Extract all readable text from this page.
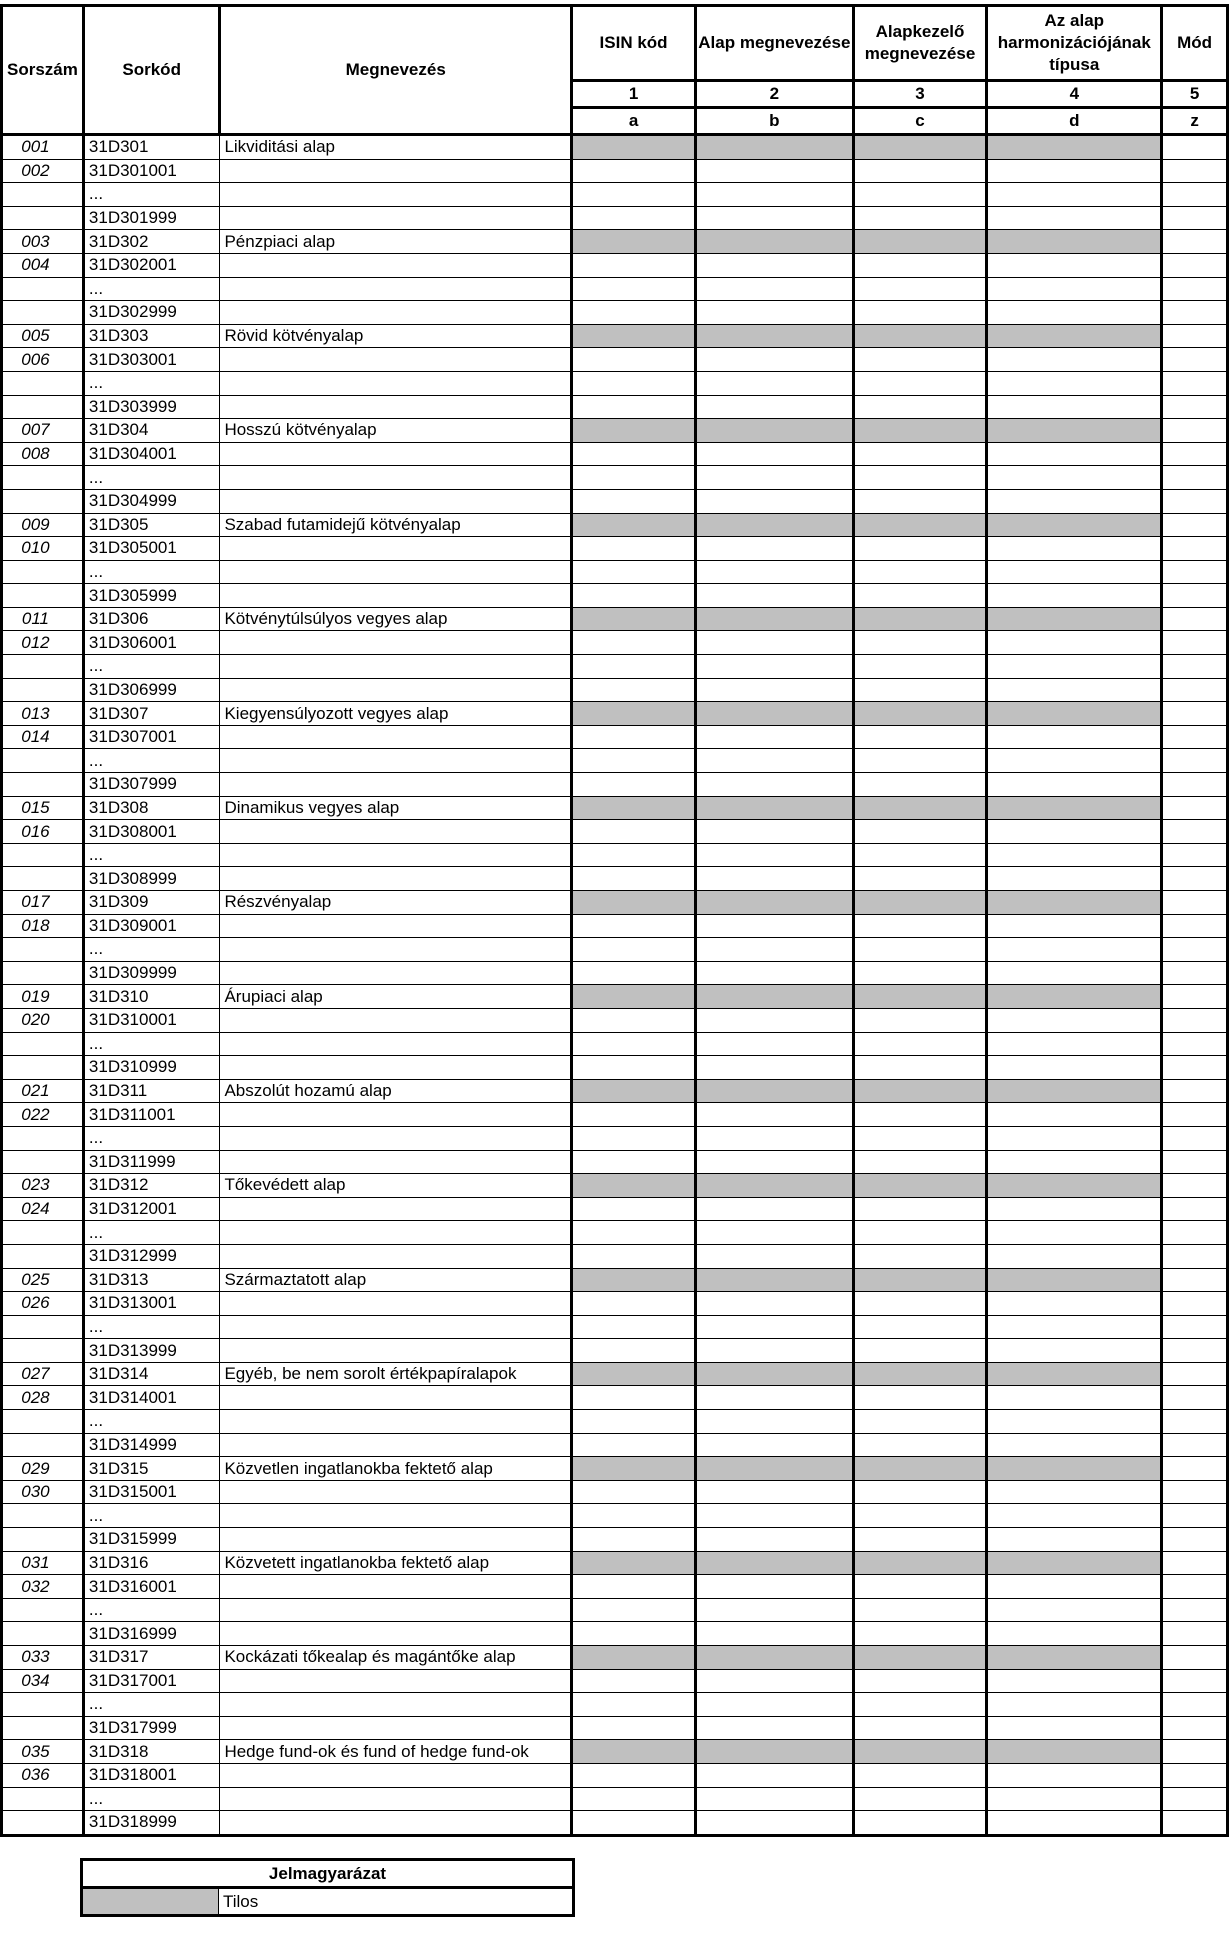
Sorszám	Sorkód	Megnevezés	ISIN kód	Alap megnevezése	Alapkezelő megnevezése	Az alap harmonizációjának típusa	Mód
			1	2	3	4	5
			a	b	c	d	z
001	31D301	Likviditási alap					
002	31D301001						
	...						
	31D301999						
003	31D302	Pénzpiaci alap					
004	31D302001						
	...						
	31D302999						
005	31D303	Rövid kötvényalap					
006	31D303001						
	...						
	31D303999						
007	31D304	Hosszú kötvényalap					
008	31D304001						
	...						
	31D304999						
009	31D305	Szabad futamidejű kötvényalap					
010	31D305001						
	...						
	31D305999						
011	31D306	Kötvénytúlsúlyos vegyes alap					
012	31D306001						
	...						
	31D306999						
013	31D307	Kiegyensúlyozott vegyes alap					
014	31D307001						
	...						
	31D307999						
015	31D308	Dinamikus vegyes alap					
016	31D308001						
	...						
	31D308999						
017	31D309	Részvényalap					
018	31D309001						
	...						
	31D309999						
019	31D310	Árupiaci alap					
020	31D310001						
	...						
	31D310999						
021	31D311	Abszolút hozamú alap					
022	31D311001						
	...						
	31D311999						
023	31D312	Tőkevédett alap					
024	31D312001						
	...						
	31D312999						
025	31D313	Származtatott alap					
026	31D313001						
	...						
	31D313999						
027	31D314	Egyéb, be nem sorolt értékpapíralapok					
028	31D314001						
	...						
	31D314999						
029	31D315	Közvetlen ingatlanokba fektető alap					
030	31D315001						
	...						
	31D315999						
031	31D316	Közvetett ingatlanokba fektető alap					
032	31D316001						
	...						
	31D316999						
033	31D317	Kockázati tőkealap és magántőke alap					
034	31D317001						
	...						
	31D317999						
035	31D318	Hedge fund-ok és fund of hedge fund-ok					
036	31D318001						
	...						
	31D318999						
Jelmagyarázat
	Tilos
